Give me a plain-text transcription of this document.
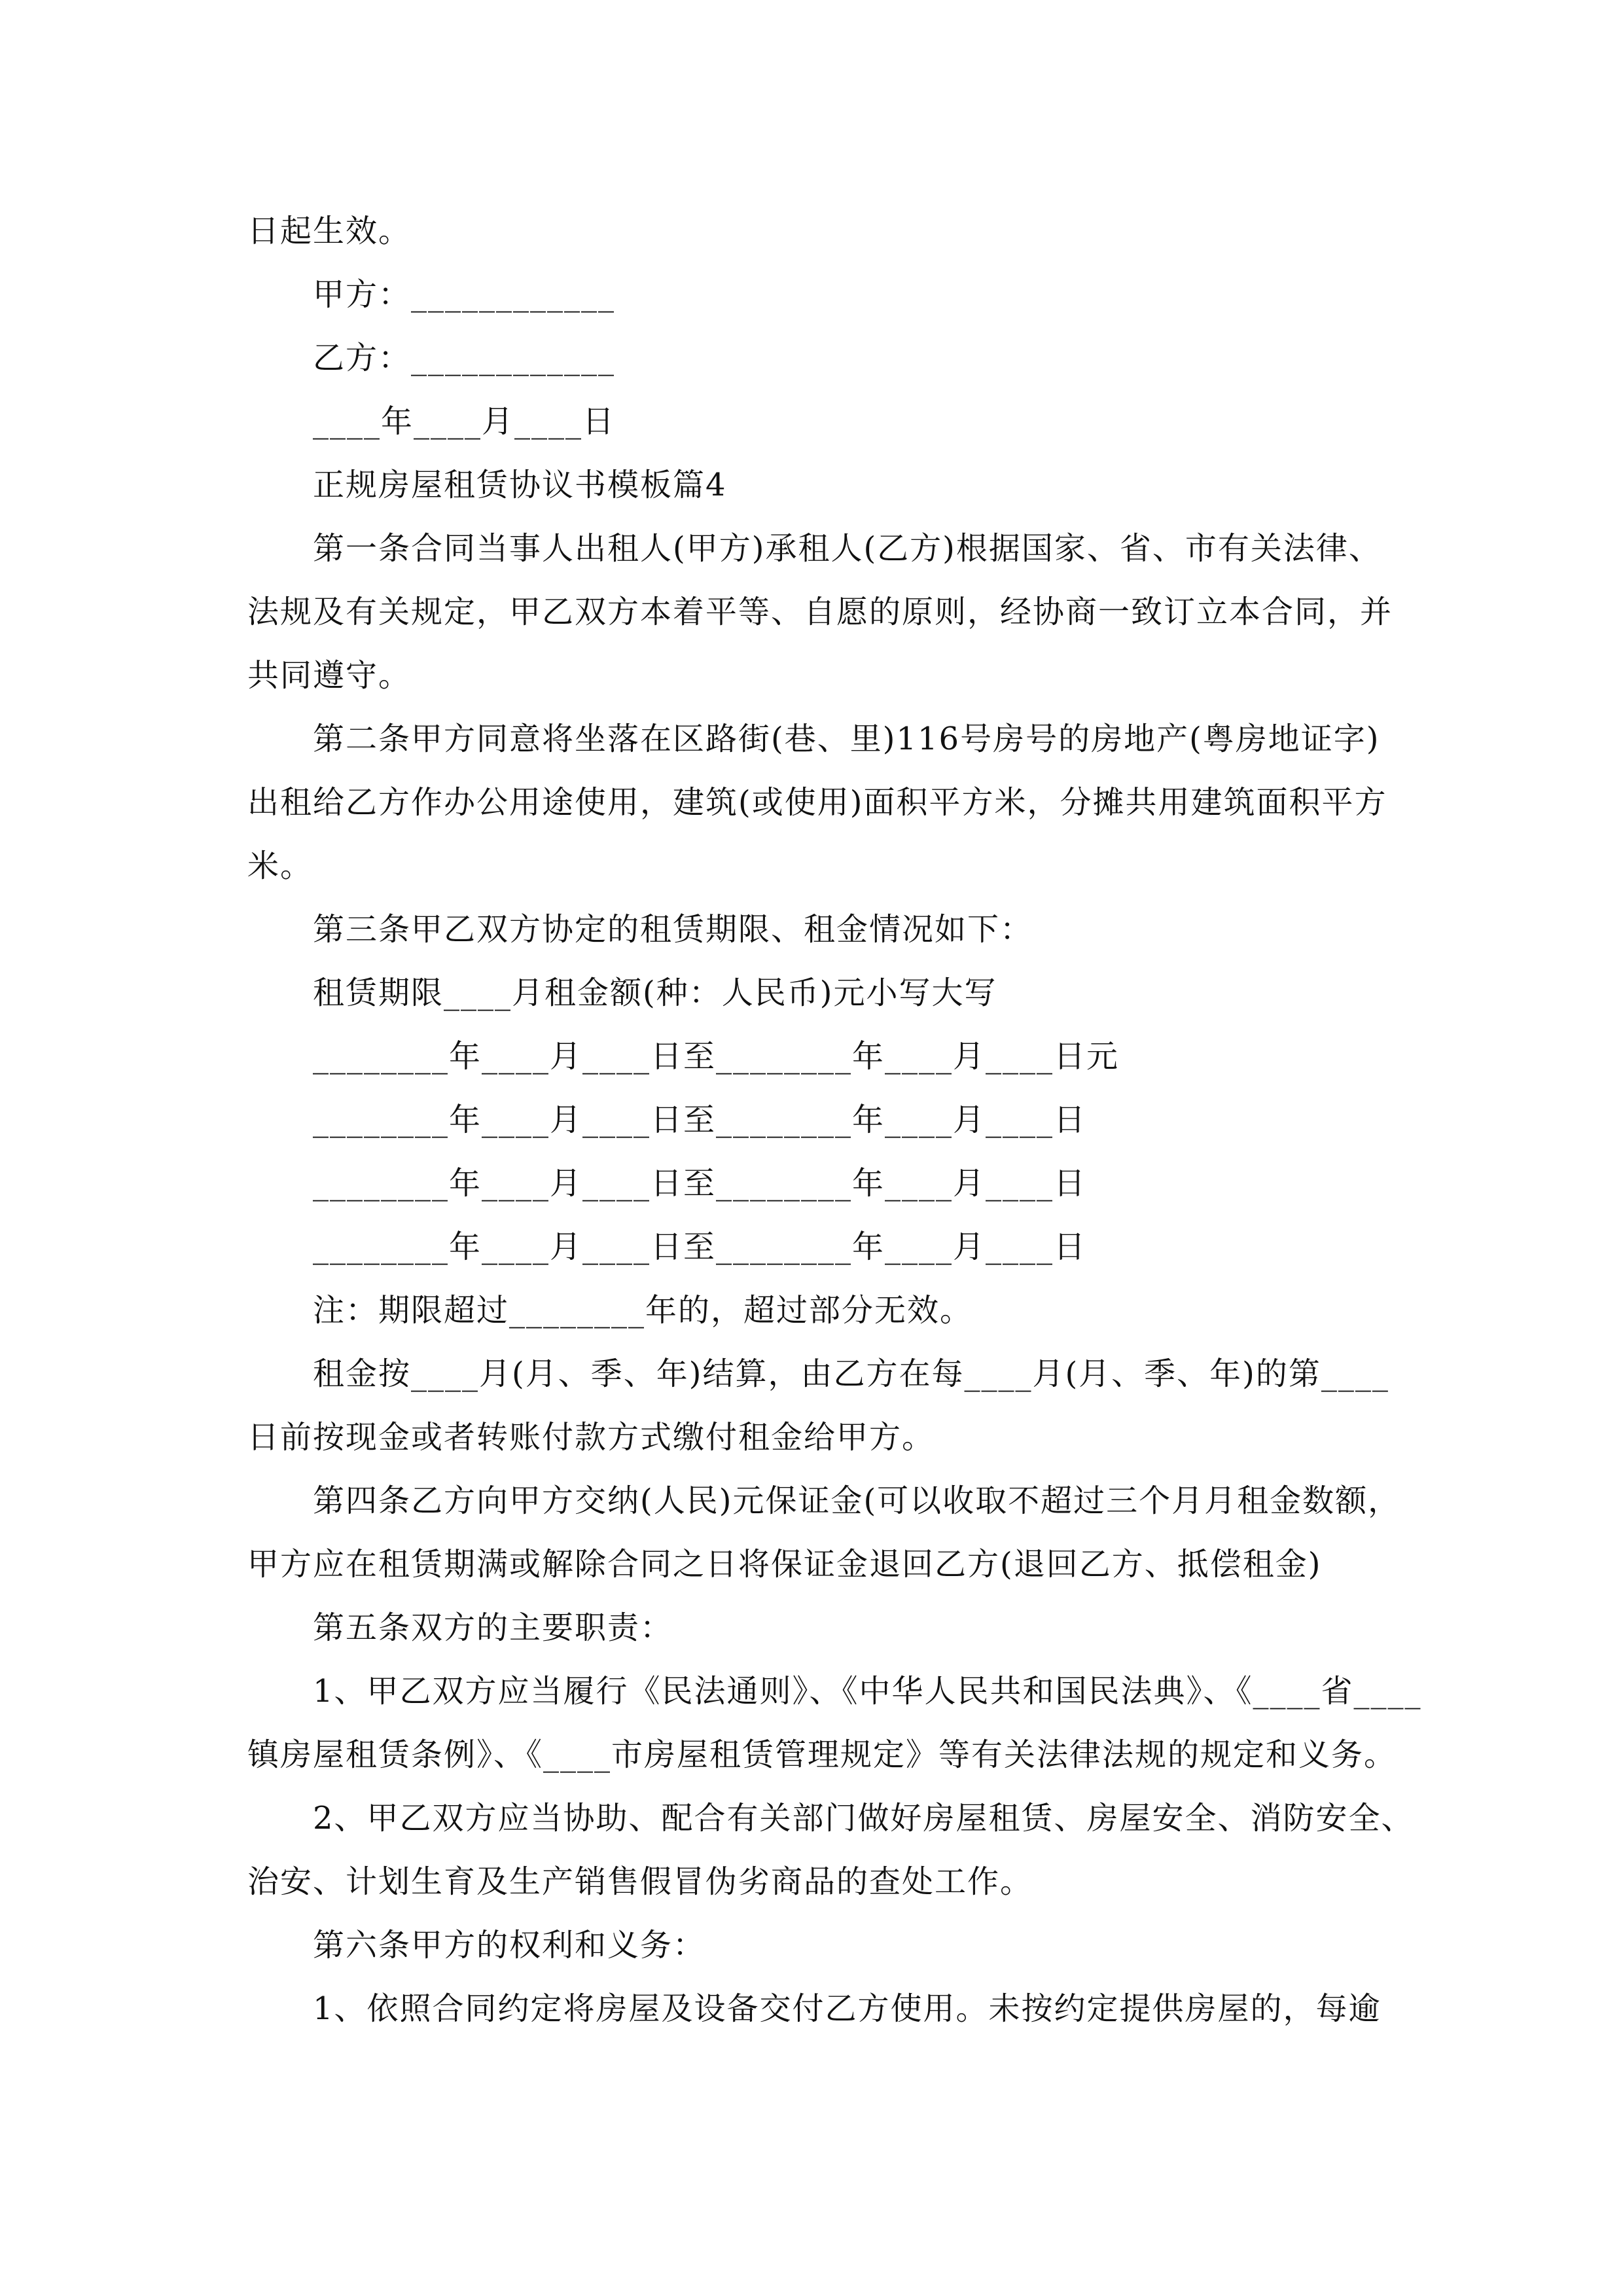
日起生效。
甲方：____________
乙方：____________
____年____月____日
正规房屋租赁协议书模板篇4
第一条合同当事人出租人(甲方)承租人(乙方)根据国家、省、市有关法律、
法规及有关规定，甲乙双方本着平等、自愿的原则，经协商一致订立本合同，并
共同遵守。
第二条甲方同意将坐落在区路街(巷、里)116号房号的房地产(粤房地证字)
出租给乙方作办公用途使用，建筑(或使用)面积平方米，分摊共用建筑面积平方
米。
第三条甲乙双方协定的租赁期限、租金情况如下：
租赁期限____月租金额(种：人民币)元小写大写
________年____月____日至________年____月____日元
________年____月____日至________年____月____日
________年____月____日至________年____月____日
________年____月____日至________年____月____日
注：期限超过________年的，超过部分无效。
租金按____月(月、季、年)结算，由乙方在每____月(月、季、年)的第____
日前按现金或者转账付款方式缴付租金给甲方。
第四条乙方向甲方交纳(人民)元保证金(可以收取不超过三个月月租金数额，
甲方应在租赁期满或解除合同之日将保证金退回乙方(退回乙方、抵偿租金)
第五条双方的主要职责：
1、甲乙双方应当履行《民法通则》、《中华人民共和国民法典》、《____省____
镇房屋租赁条例》、《____市房屋租赁管理规定》等有关法律法规的规定和义务。
2、甲乙双方应当协助、配合有关部门做好房屋租赁、房屋安全、消防安全、
治安、计划生育及生产销售假冒伪劣商品的查处工作。
第六条甲方的权利和义务：
1、依照合同约定将房屋及设备交付乙方使用。未按约定提供房屋的，每逾
